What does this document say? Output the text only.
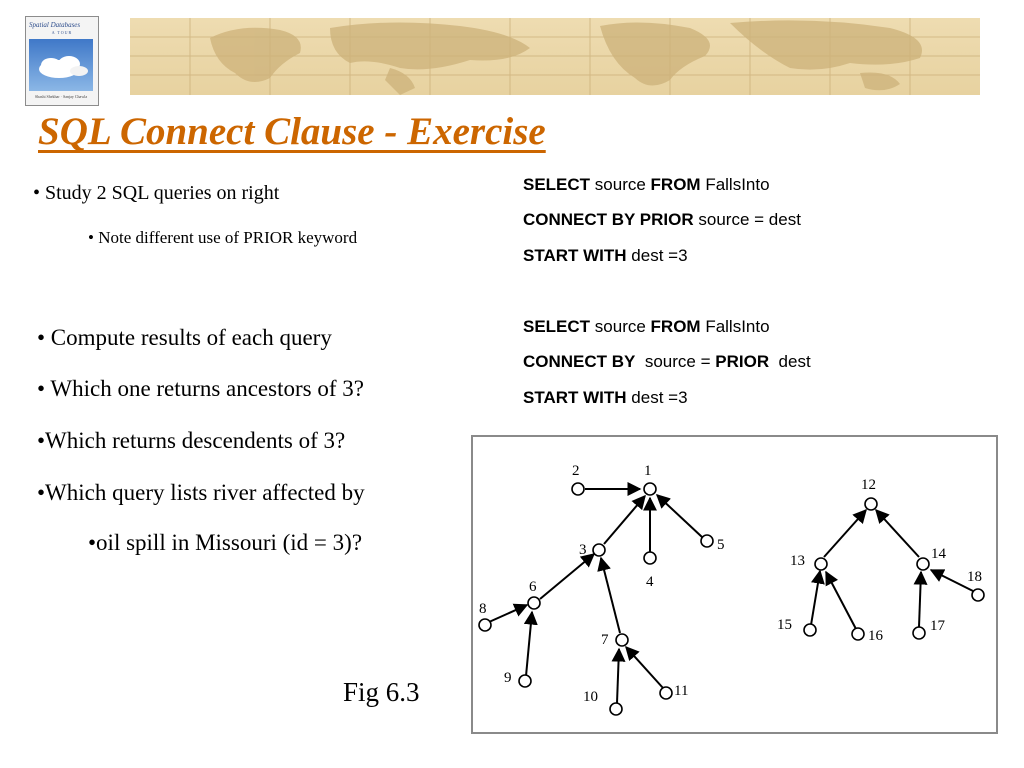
Spatial Databases
A TOUR
Shashi Shekhar · Sanjay Chawla
SQL Connect Clause - Exercise
• Study 2 SQL queries on right
• Note different use of PRIOR keyword
• Compute results of each query
• Which one returns ancestors of 3?
•Which returns descendents of 3?
•Which query lists river affected by
•oil spill in Missouri (id = 3)?
SELECT source FROM FallsInto
CONNECT BY PRIOR source = dest
START WITH dest =3
SELECT source FROM FallsInto
CONNECT BY  source = PRIOR  dest
START WITH dest =3
Fig 6.3
1
2
3
4
5
6
7
8
9
10	11
12
13	14
15
16
17
18
